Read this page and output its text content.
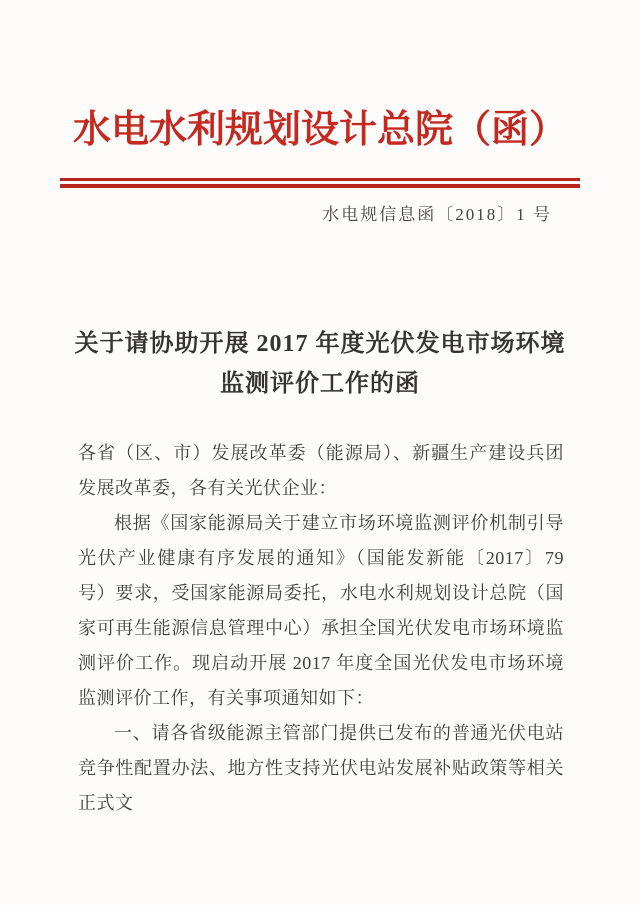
水电水利规划设计总院（函）
水电规信息函〔2018〕1 号
关于请协助开展 2017 年度光伏发电市场环境
监测评价工作的函

各省（区、市）发展改革委（能源局）、新疆生产建设兵团发展改革委，各有关光伏企业：

根据《国家能源局关于建立市场环境监测评价机制引导光伏产业健康有序发展的通知》（国能发新能〔2017〕79 号）要求，受国家能源局委托，水电水利规划设计总院（国家可再生能源信息管理中心）承担全国光伏发电市场环境监测评价工作。现启动开展 2017 年度全国光伏发电市场环境监测评价工作，有关事项通知如下：

一、请各省级能源主管部门提供已发布的普通光伏电站竞争性配置办法、地方性支持光伏电站发展补贴政策等相关正式文
